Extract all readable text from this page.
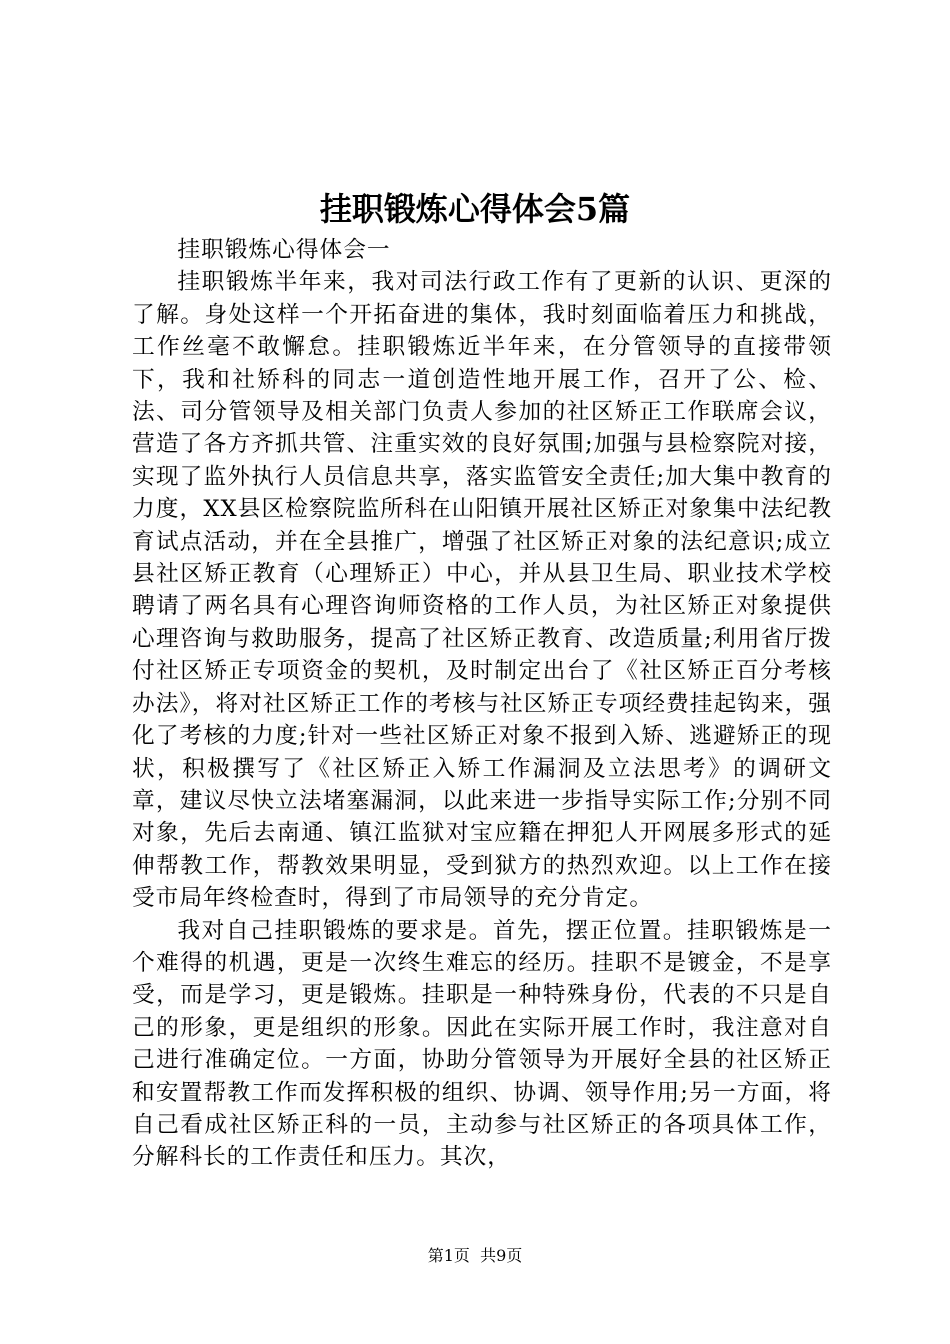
挂职锻炼心得体会5篇

挂职锻炼心得体会一

挂职锻炼半年来，我对司法行政工作有了更新的认识、更深的了解。身处这样一个开拓奋进的集体，我时刻面临着压力和挑战，工作丝毫不敢懈怠。挂职锻炼近半年来，在分管领导的直接带领下，我和社矫科的同志一道创造性地开展工作，召开了公、检、法、司分管领导及相关部门负责人参加的社区矫正工作联席会议，营造了各方齐抓共管、注重实效的良好氛围;加强与县检察院对接，实现了监外执行人员信息共享，落实监管安全责任;加大集中教育的力度，XX县区检察院监所科在山阳镇开展社区矫正对象集中法纪教育试点活动，并在全县推广，增强了社区矫正对象的法纪意识;成立县社区矫正教育（心理矫正）中心，并从县卫生局、职业技术学校聘请了两名具有心理咨询师资格的工作人员，为社区矫正对象提供心理咨询与救助服务，提高了社区矫正教育、改造质量;利用省厅拨付社区矫正专项资金的契机，及时制定出台了《社区矫正百分考核办法》，将对社区矫正工作的考核与社区矫正专项经费挂起钩来，强化了考核的力度;针对一些社区矫正对象不报到入矫、逃避矫正的现状，积极撰写了《社区矫正入矫工作漏洞及立法思考》的调研文章，建议尽快立法堵塞漏洞，以此来进一步指导实际工作;分别不同对象，先后去南通、镇江监狱对宝应籍在押犯人开网展多形式的延伸帮教工作，帮教效果明显，受到狱方的热烈欢迎。以上工作在接受市局年终检查时，得到了市局领导的充分肯定。

我对自己挂职锻炼的要求是。首先，摆正位置。挂职锻炼是一个难得的机遇，更是一次终生难忘的经历。挂职不是镀金，不是享受，而是学习，更是锻炼。挂职是一种特殊身份，代表的不只是自己的形象，更是组织的形象。因此在实际开展工作时，我注意对自己进行准确定位。一方面，协助分管领导为开展好全县的社区矫正和安置帮教工作而发挥积极的组织、协调、领导作用;另一方面，将自己看成社区矫正科的一员，主动参与社区矫正的各项具体工作，分解科长的工作责任和压力。其次，

第1页  共9页
